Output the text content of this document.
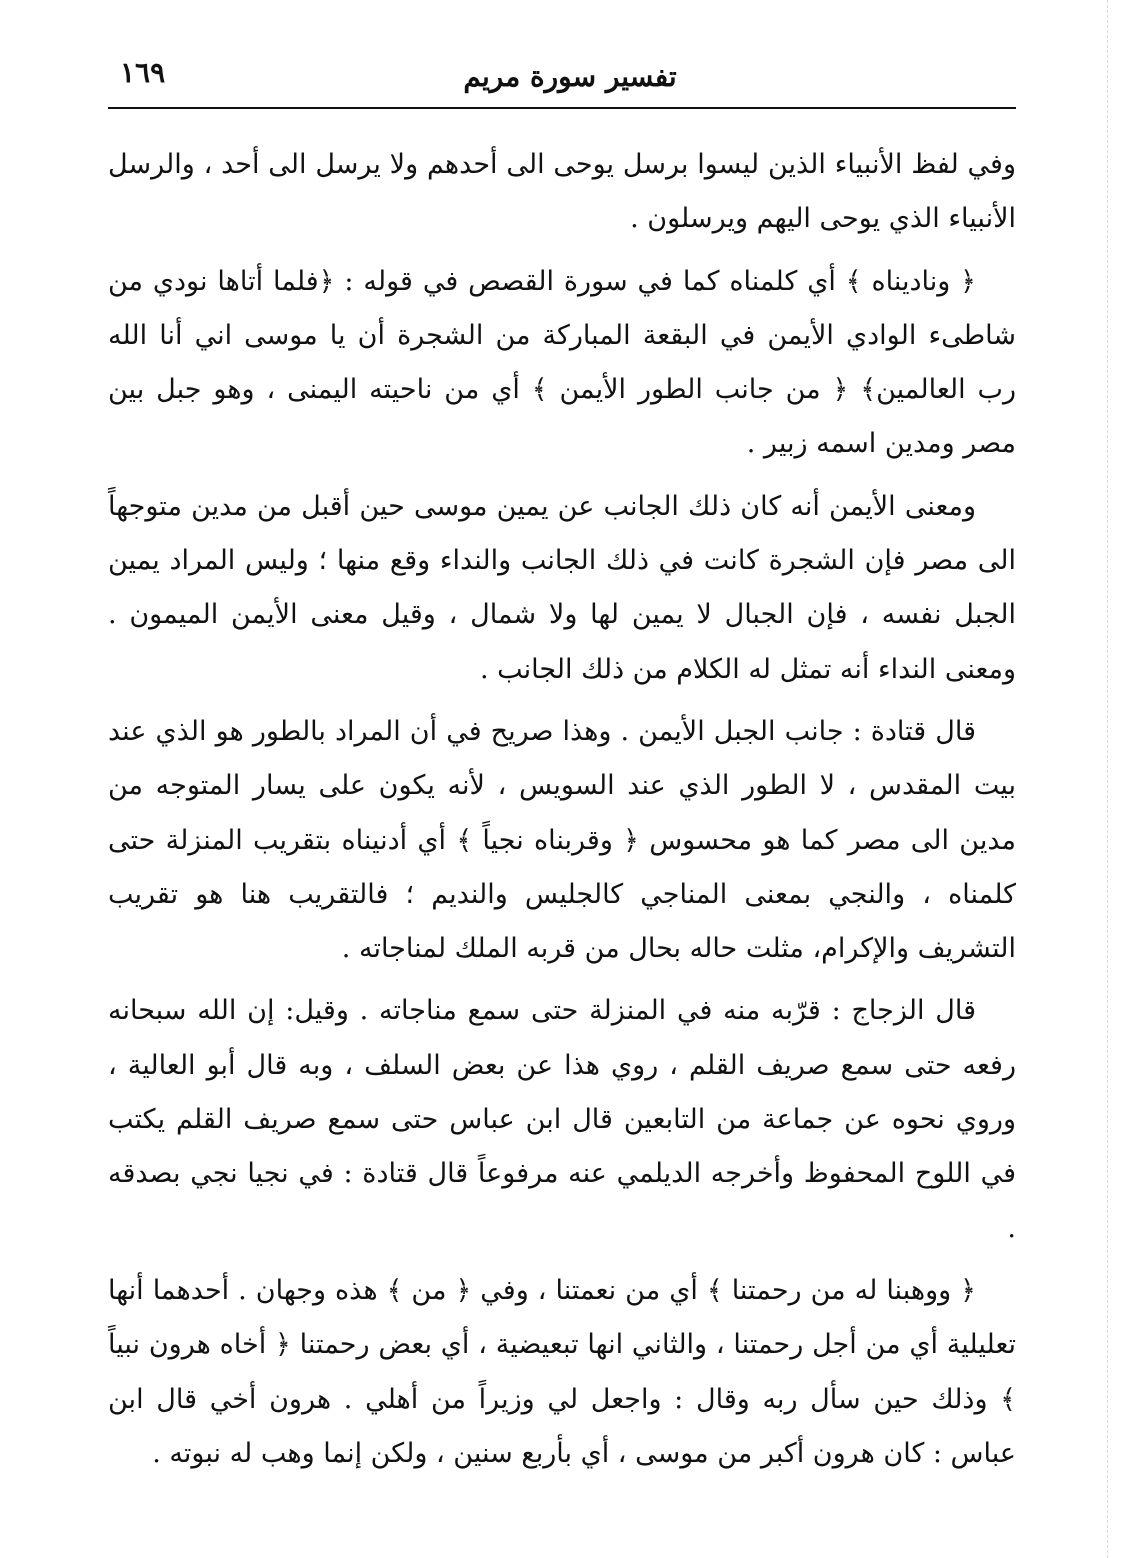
تفسير سورة مريم
١٦٩

وفي لفظ الأنبياء الذين ليسوا برسل يوحى الى أحدهم ولا يرسل الى أحد ، والرسل الأنبياء الذي يوحى اليهم ويرسلون .

﴿ وناديناه ﴾ أي كلمناه كما في سورة القصص في قوله : ﴿فلما أتاها نودي من شاطىء الوادي الأيمن في البقعة المباركة من الشجرة أن يا موسى اني أنا الله رب العالمين﴾ ﴿ من جانب الطور الأيمن ﴾ أي من ناحيته اليمنى ، وهو جبل بين مصر ومدين اسمه زبير .

ومعنى الأيمن أنه كان ذلك الجانب عن يمين موسى حين أقبل من مدين متوجهاً الى مصر فإن الشجرة كانت في ذلك الجانب والنداء وقع منها ؛ وليس المراد يمين الجبل نفسه ، فإن الجبال لا يمين لها ولا شمال ، وقيل معنى الأيمن الميمون . ومعنى النداء أنه تمثل له الكلام من ذلك الجانب .

قال قتادة : جانب الجبل الأيمن . وهذا صريح في أن المراد بالطور هو الذي عند بيت المقدس ، لا الطور الذي عند السويس ، لأنه يكون على يسار المتوجه من مدين الى مصر كما هو محسوس ﴿ وقربناه نجياً ﴾ أي أدنيناه بتقريب المنزلة حتى كلمناه ، والنجي بمعنى المناجي كالجليس والنديم ؛ فالتقريب هنا هو تقريب التشريف والإكرام، مثلت حاله بحال من قربه الملك لمناجاته .

قال الزجاج : قرّبه منه في المنزلة حتى سمع مناجاته . وقيل: إن الله سبحانه رفعه حتى سمع صريف القلم ، روي هذا عن بعض السلف ، وبه قال أبو العالية ، وروي نحوه عن جماعة من التابعين قال ابن عباس حتى سمع صريف القلم يكتب في اللوح المحفوظ وأخرجه الديلمي عنه مرفوعاً قال قتادة : في نجيا نجي بصدقه .

﴿ ووهبنا له من رحمتنا ﴾ أي من نعمتنا ، وفي ﴿ من ﴾ هذه وجهان . أحدهما أنها تعليلية أي من أجل رحمتنا ، والثاني انها تبعيضية ، أي بعض رحمتنا ﴿ أخاه هرون نبياً ﴾ وذلك حين سأل ربه وقال : واجعل لي وزيراً من أهلي . هرون أخي قال ابن عباس : كان هرون أكبر من موسى ، أي بأربع سنين ، ولكن إنما وهب له نبوته .
